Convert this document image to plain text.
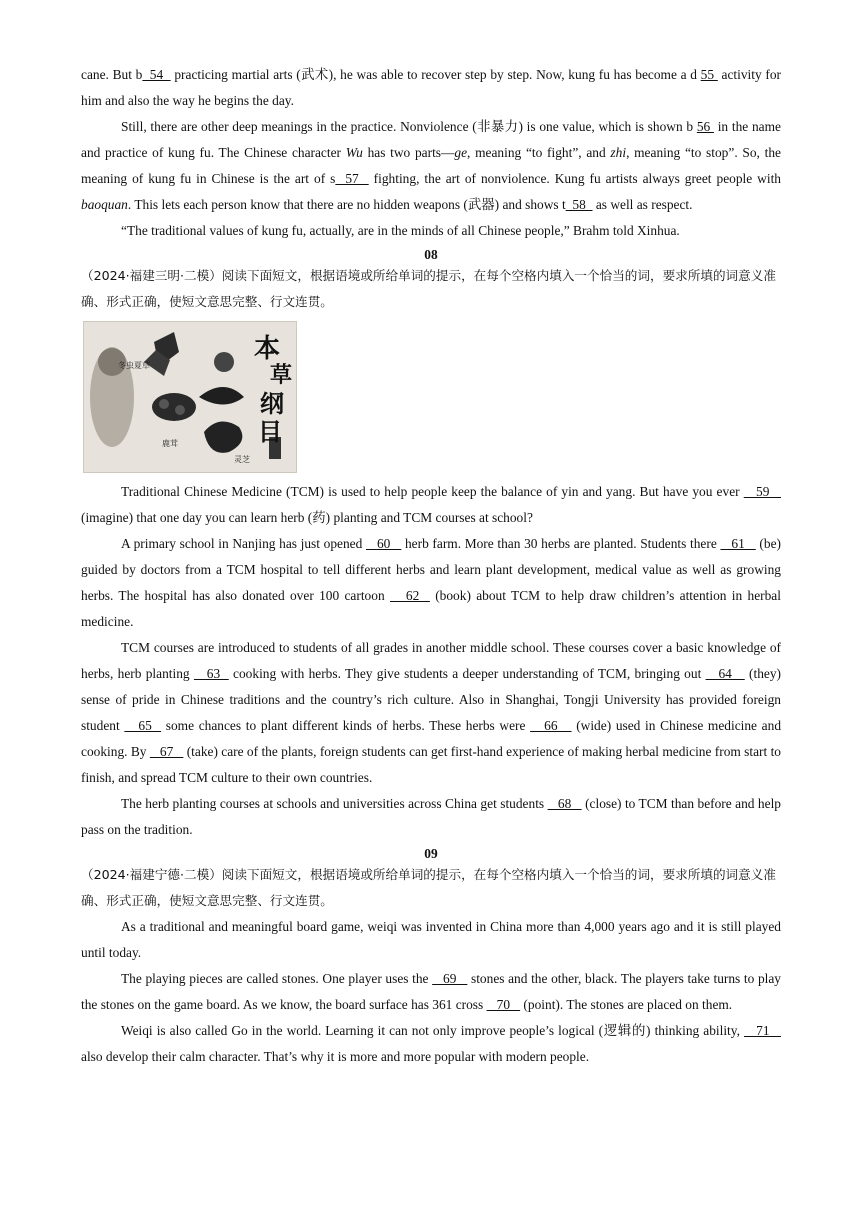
cane. But b  54   practicing martial arts (武术), he was able to recover step by step. Now, kung fu has become a d 55  activity for him and also the way he begins the day.

Still, there are other deep meanings in the practice. Nonviolence (非暴力) is one value, which is shown b 56  in the name and practice of kung fu. The Chinese character Wu has two parts—ge, meaning “to fight”, and zhi, meaning “to stop”. So, the meaning of kung fu in Chinese is the art of s  57   fighting, the art of nonviolence. Kung fu artists always greet people with baoquan. This lets each person know that there are no hidden weapons (武器) and shows t  58   as well as respect.

“The traditional values of kung fu, actually, are in the minds of all Chinese people,” Brahm told Xinhua.

08

（2024·福建三明·二模）阅读下面短文，根据语境或所给单词的提示，在每个空格内填入一个恰当的词，要求所填的词意义准确、形式正确，使短文意思完整、行文连贯。

冬虫夏草
灵芝
鹿茸
本
草
纲
目

Traditional Chinese Medicine (TCM) is used to help people keep the balance of yin and yang. But have you ever    59    (imagine) that one day you can learn herb (药) planting and TCM courses at school?

A primary school in Nanjing has just opened    60    herb farm. More than 30 herbs are planted. Students there    61    (be) guided by doctors from a TCM hospital to tell different herbs and learn plant development, medical value as well as growing herbs. The hospital has also donated over 100 cartoon    62   (book) about TCM to help draw children’s attention in herbal medicine.

TCM courses are introduced to students of all grades in another middle school. These courses cover a basic knowledge of herbs, herb planting    63   cooking with herbs. They give students a deeper understanding of TCM, bringing out    64    (they) sense of pride in Chinese traditions and the country’s rich culture. Also in Shanghai, Tongji University has provided foreign student    65   some chances to plant different kinds of herbs. These herbs were    66    (wide) used in Chinese medicine and cooking. By    67    (take) care of the plants, foreign students can get first-hand experience of making herbal medicine from start to finish, and spread TCM culture to their own countries.

The herb planting courses at schools and universities across China get students    68    (close) to TCM than before and help pass on the tradition.

09

（2024·福建宁德·二模）阅读下面短文，根据语境或所给单词的提示，在每个空格内填入一个恰当的词，要求所填的词意义准确、形式正确，使短文意思完整、行文连贯。

As a traditional and meaningful board game, weiqi was invented in China more than 4,000 years ago and it is still played until today.

The playing pieces are called stones. One player uses the    69    stones and the other, black. The players take turns to play the stones on the game board. As we know, the board surface has 361 cross    70    (point). The stones are placed on them.

Weiqi is also called Go in the world. Learning it can not only improve people’s logical (逻辑的) thinking ability,    71    also develop their calm character. That’s why it is more and more popular with modern people.
